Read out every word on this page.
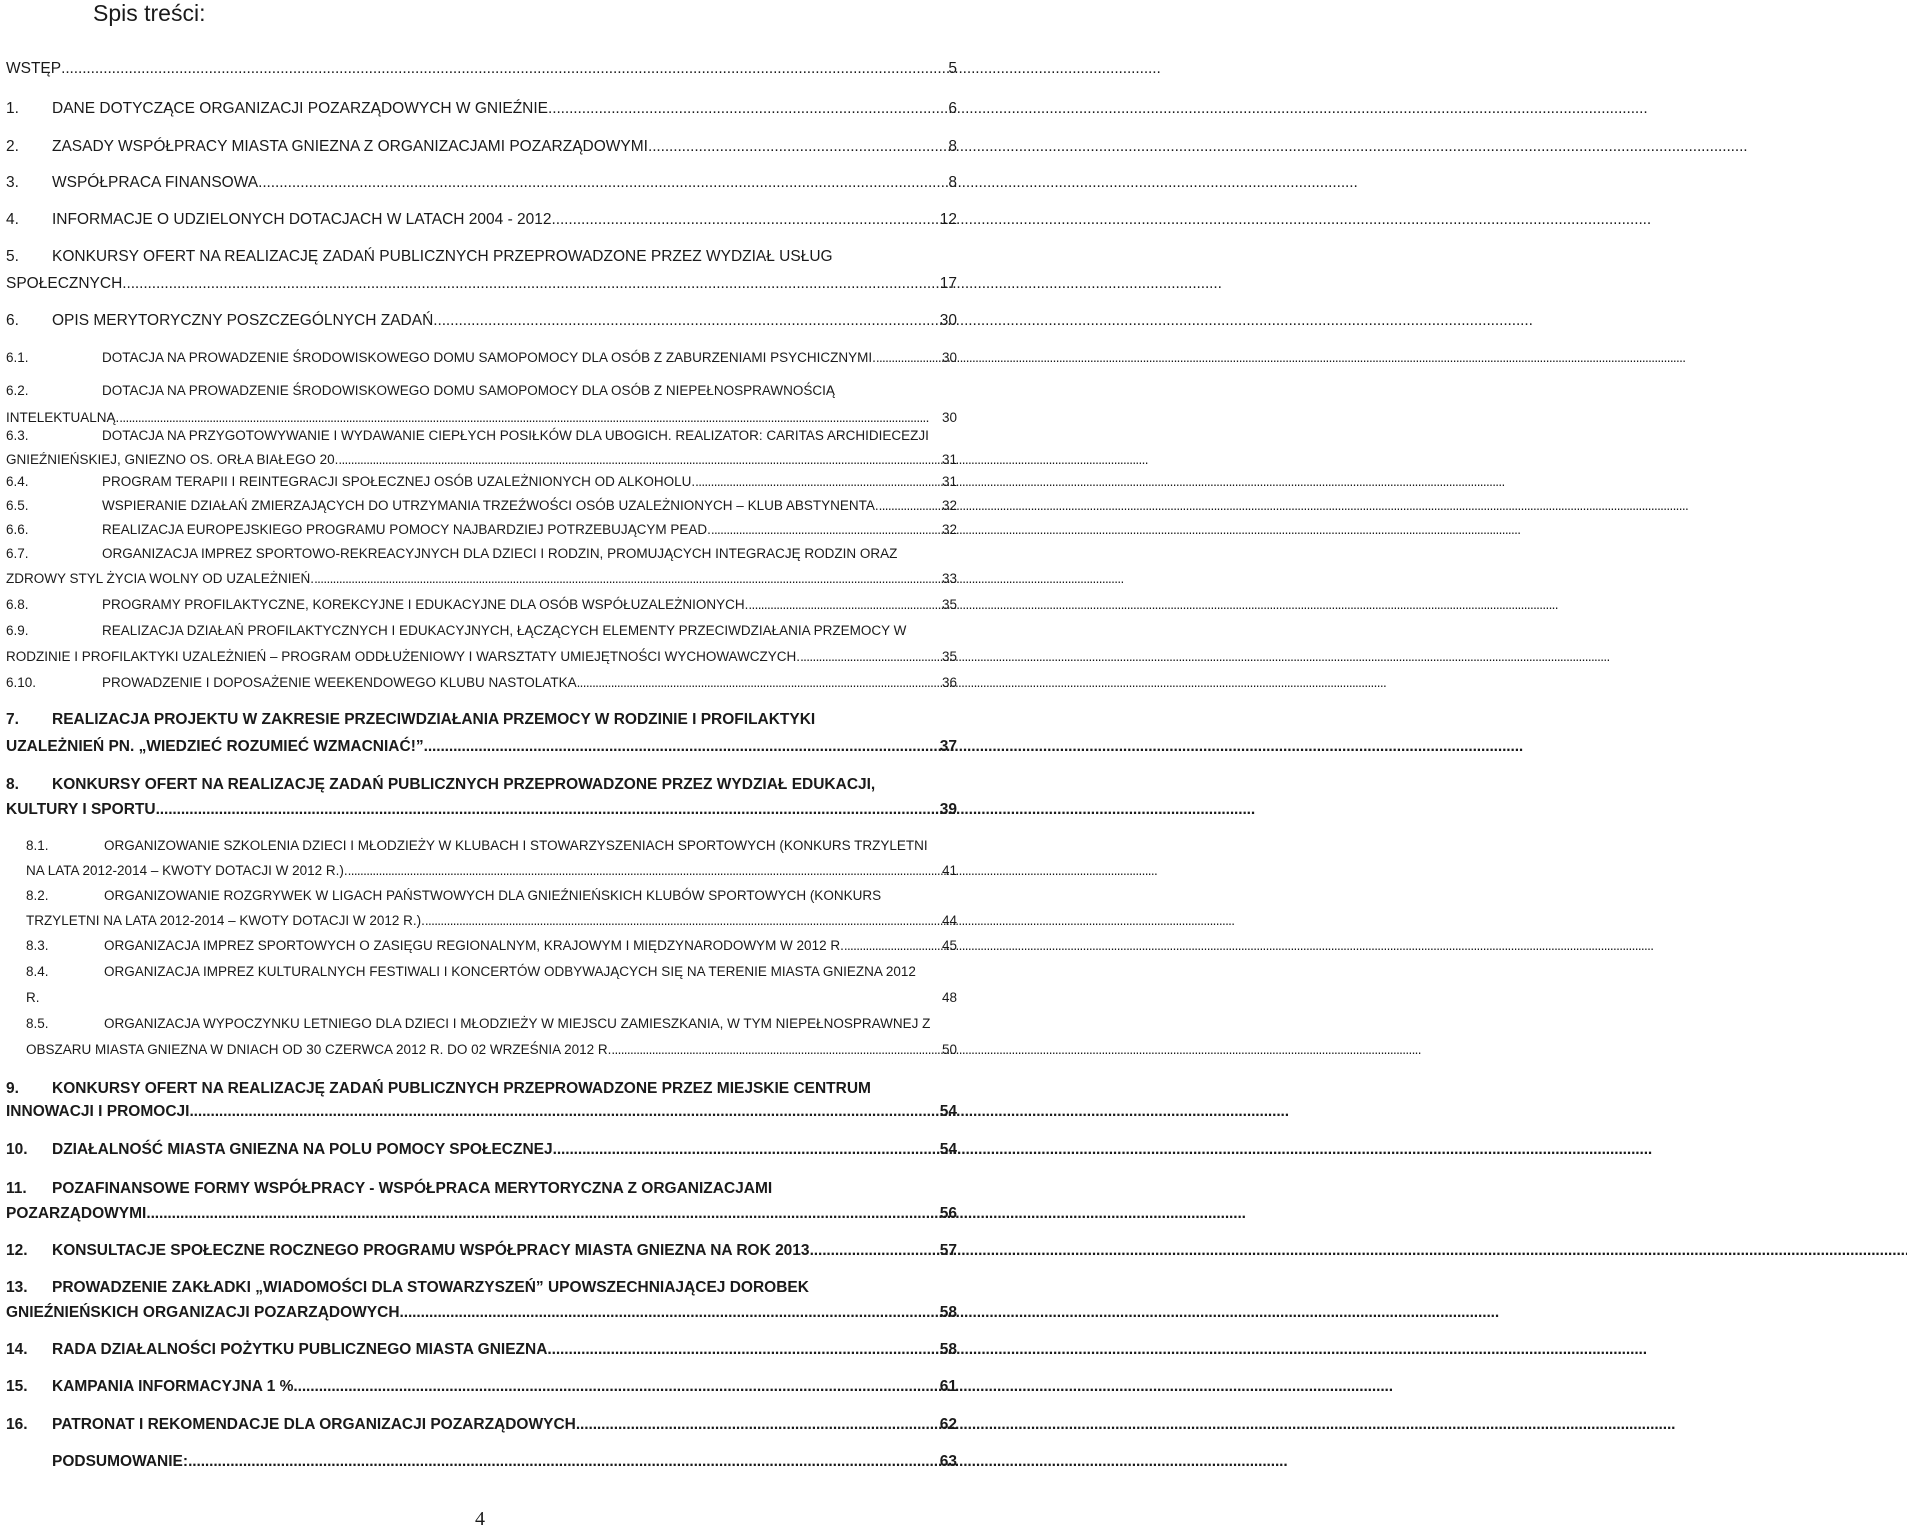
Spis treści:
WSTĘP . . .	5
1. DANE DOTYCZĄCE ORGANIZACJI POZARZĄDOWYCH W GNIEŹNIE . . .	6
2. ZASADY WSPÓŁPRACY MIASTA GNIEZNA Z ORGANIZACJAMI POZARZĄDOWYMI . . .	8
3. WSPÓŁPRACA FINANSOWA . . .	8
4. INFORMACJE O UDZIELONYCH DOTACJACH W LATACH 2004 - 2012 . . .	12
5. KONKURSY OFERT NA REALIZACJĘ ZADAŃ PUBLICZNYCH PRZEPROWADZONE PRZEZ WYDZIAŁ USŁUG
SPOŁECZNYCH . . .	17
6. OPIS MERYTORYCZNY POSZCZEGÓLNYCH ZADAŃ . . .	30
6.1.	DOTACJA NA PROWADZENIE ŚRODOWISKOWEGO DOMU SAMOPOMOCY DLA OSÓB Z ZABURZENIAMI PSYCHICZNYMI. . . .	30
6.2.	DOTACJA NA PROWADZENIE ŚRODOWISKOWEGO DOMU SAMOPOMOCY DLA OSÓB Z NIEPEŁNOSPRAWNOŚCIĄ
INTELEKTUALNĄ. . . .	30
6.3.	DOTACJA NA PRZYGOTOWYWANIE I WYDAWANIE CIEPŁYCH POSIŁKÓW DLA UBOGICH. REALIZATOR: CARITAS ARCHIDIECEZJI
GNIEŹNIEŃSKIEJ, GNIEZNO OS. ORŁA BIAŁEGO 20. . . .	31
6.4.	PROGRAM TERAPII I REINTEGRACJI SPOŁECZNEJ OSÓB UZALEŻNIONYCH OD ALKOHOLU. . . .	31
6.5.	WSPIERANIE DZIAŁAŃ ZMIERZAJĄCYCH DO UTRZYMANIA TRZEŹWOŚCI OSÓB UZALEŻNIONYCH – KLUB ABSTYNENTA. . . .	32
6.6.	REALIZACJA EUROPEJSKIEGO PROGRAMU POMOCY NAJBARDZIEJ POTRZEBUJĄCYM PEAD. . . .	32
6.7.	ORGANIZACJA IMPREZ SPORTOWO-REKREACYJNYCH DLA DZIECI I RODZIN, PROMUJĄCYCH INTEGRACJĘ RODZIN ORAZ
ZDROWY STYL ŻYCIA WOLNY OD UZALEŻNIEŃ. . . .	33
6.8.	PROGRAMY PROFILAKTYCZNE, KOREKCYJNE I EDUKACYJNE DLA OSÓB WSPÓŁUZALEŻNIONYCH. . . .	35
6.9.	REALIZACJA DZIAŁAŃ PROFILAKTYCZNYCH I EDUKACYJNYCH, ŁĄCZĄCYCH ELEMENTY PRZECIWDZIAŁANIA PRZEMOCY W
RODZINIE I PROFILAKTYKI UZALEŻNIEŃ – PROGRAM ODDŁUŻENIOWY I WARSZTATY UMIEJĘTNOŚCI WYCHOWAWCZYCH. . . .	35
6.10.	PROWADZENIE I DOPOSAŻENIE WEEKENDOWEGO KLUBU NASTOLATKA . . .	36
7. REALIZACJA PROJEKTU W ZAKRESIE PRZECIWDZIAŁANIA PRZEMOCY W RODZINIE I PROFILAKTYKI
UZALEŻNIEŃ PN. „WIEDZIEĆ ROZUMIEĆ WZMACNIAĆ!” . . .	37
8. KONKURSY OFERT NA REALIZACJĘ ZADAŃ PUBLICZNYCH PRZEPROWADZONE PRZEZ WYDZIAŁ EDUKACJI,
KULTURY I SPORTU . . .	39
8.1.	ORGANIZOWANIE SZKOLENIA DZIECI I MŁODZIEŻY W KLUBACH I STOWARZYSZENIACH SPORTOWYCH (KONKURS TRZYLETNI
NA LATA 2012-2014 – KWOTY DOTACJI W 2012 R.). . . .	41
8.2.	ORGANIZOWANIE ROZGRYWEK W LIGACH PAŃSTWOWYCH DLA GNIEŹNIEŃSKICH KLUBÓW SPORTOWYCH (KONKURS
TRZYLETNI NA LATA 2012-2014 – KWOTY DOTACJI W 2012 R.). . . .	44
8.3.	ORGANIZACJA IMPREZ SPORTOWYCH O ZASIĘGU REGIONALNYM, KRAJOWYM I MIĘDZYNARODOWYM W 2012 R. . . .	45
8.4.	ORGANIZACJA IMPREZ KULTURALNYCH FESTIWALI I KONCERTÓW ODBYWAJĄCYCH SIĘ NA TERENIE MIASTA GNIEZNA 2012
R.	48
8.5.	ORGANIZACJA WYPOCZYNKU LETNIEGO DLA DZIECI I MŁODZIEŻY W MIEJSCU ZAMIESZKANIA, W TYM NIEPEŁNOSPRAWNEJ Z
OBSZARU MIASTA GNIEZNA W DNIACH OD 30 CZERWCA 2012 R. DO 02 WRZEŚNIA 2012 R. . . .	50
9. KONKURSY OFERT NA REALIZACJĘ ZADAŃ PUBLICZNYCH PRZEPROWADZONE PRZEZ MIEJSKIE CENTRUM
INNOWACJI I PROMOCJI . . .	54
10. DZIAŁALNOŚĆ MIASTA GNIEZNA NA POLU POMOCY SPOŁECZNEJ . . .	54
11. POZAFINANSOWE FORMY WSPÓŁPRACY - WSPÓŁPRACA MERYTORYCZNA Z ORGANIZACJAMI
POZARZĄDOWYMI . . .	56
12. KONSULTACJE SPOŁECZNE ROCZNEGO PROGRAMU WSPÓŁPRACY MIASTA GNIEZNA NA ROK 2013 . . .	57
13. PROWADZENIE ZAKŁADKI „WIADOMOŚCI DLA STOWARZYSZEŃ” UPOWSZECHNIAJĄCEJ DOROBEK
GNIEŹNIEŃSKICH ORGANIZACJI POZARZĄDOWYCH . . .	58
14. RADA DZIAŁALNOŚCI POŻYTKU PUBLICZNEGO MIASTA GNIEZNA . . .	58
15. KAMPANIA INFORMACYJNA 1 % . . .	61
16. PATRONAT I REKOMENDACJE DLA ORGANIZACJI POZARZĄDOWYCH . . .	62
PODSUMOWANIE: . . .	63
4
